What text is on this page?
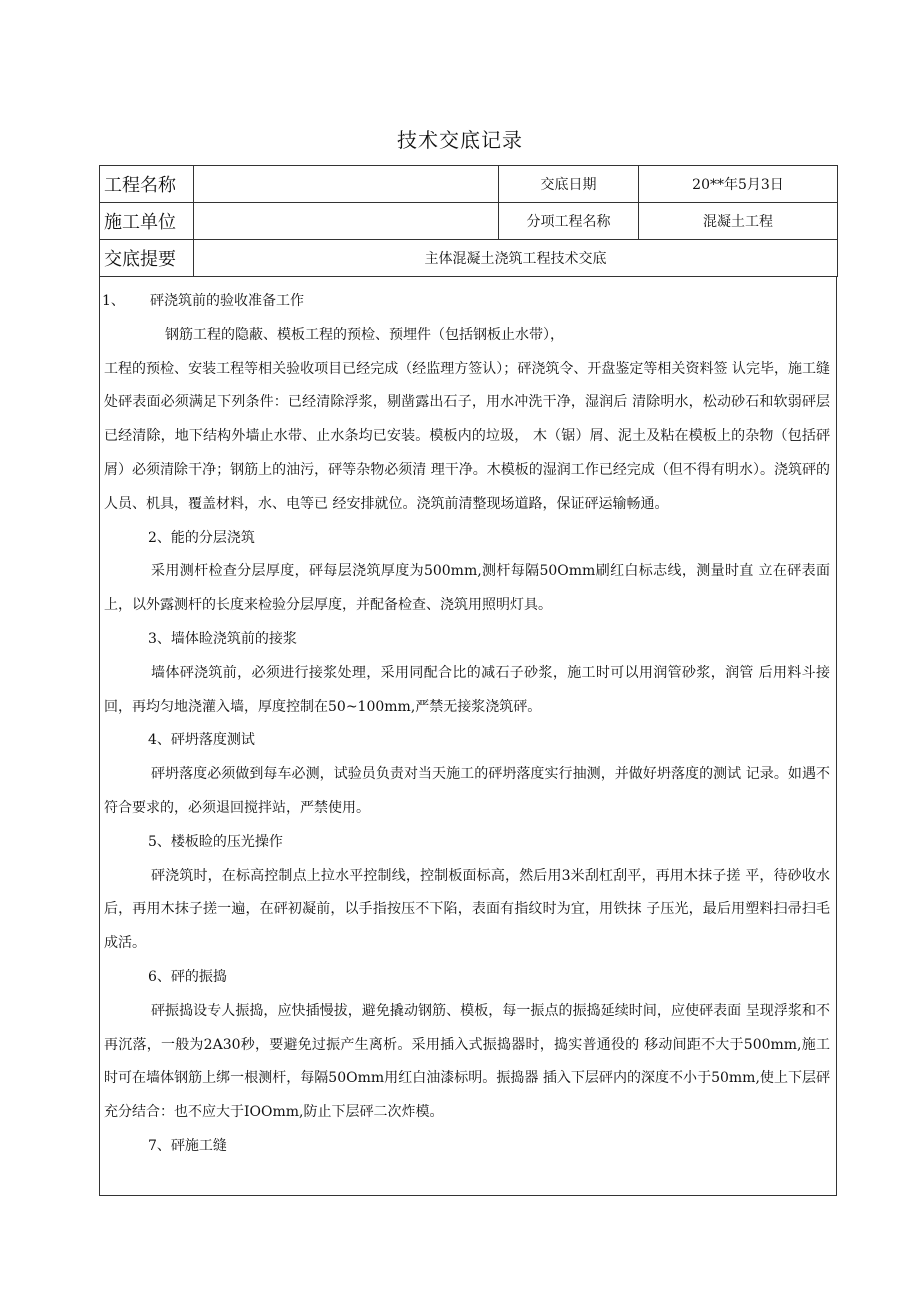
技术交底记录
工程名称		交底日期	20**年5月3日
施工单位		分项工程名称	混凝土工程
交底提要	主体混凝土浇筑工程技术交底		

1、 砰浇筑前的验收准备工作

钢筋工程的隐蔽、模板工程的预检、预埋件（包括钢板止水带），

工程的预检、安装工程等相关验收项目已经完成（经监理方签认）；砰浇筑令、开盘鉴定等相关资料签 认完毕，施工缝处砰表面必须满足下列条件：已经清除浮浆，剔凿露出石子，用水冲洗干净，湿润后 清除明水，松动砂石和软弱砰层已经清除，地下结构外墙止水带、止水条均已安装。模板内的垃圾， 木（锯）屑、泥土及粘在模板上的杂物（包括砰屑）必须清除干净；钢筋上的油污，砰等杂物必须清 理干净。木模板的湿润工作已经完成（但不得有明水）。浇筑砰的人员、机具，覆盖材料，水、电等已 经安排就位。浇筑前清整现场道路，保证砰运输畅通。

2、能的分层浇筑

采用测杆检查分层厚度，砰每层浇筑厚度为500mm,测杆每隔50Omm刷红白标志线，测量时直 立在砰表面上，以外露测杆的长度来检验分层厚度，并配备检查、浇筑用照明灯具。

3、墙体睑浇筑前的接浆

墙体砰浇筑前，必须进行接浆处理，采用同配合比的减石子砂浆，施工时可以用润管砂浆，润管 后用料斗接回，再均匀地浇灌入墙，厚度控制在50~100mm,严禁无接浆浇筑砰。

4、砰坍落度测试

砰坍落度必须做到每车必测，试验员负责对当天施工的砰坍落度实行抽测，并做好坍落度的测试 记录。如遇不符合要求的，必须退回搅拌站，严禁使用。

5、楼板睑的压光操作

砰浇筑时，在标高控制点上拉水平控制线，控制板面标高，然后用3米刮杠刮平，再用木抹子搓 平，待砂收水后，再用木抹子搓一遍，在砰初凝前，以手指按压不下陷，表面有指纹时为宜，用铁抹 子压光，最后用塑料扫帚扫毛成活。

6、砰的振捣

砰振捣设专人振捣，应快插慢拔，避免撬动钢筋、模板，每一振点的振捣延续时间，应使砰表面 呈现浮浆和不再沉落，一般为2A30秒，要避免过振产生离析。采用插入式振捣器时，捣实普通役的 移动间距不大于500mm,施工时可在墙体钢筋上绑一根测杆，每隔50Omm用红白油漆标明。振捣器 插入下层砰内的深度不小于50mm,使上下层砰充分结合：也不应大于IOOmm,防止下层砰二次炸模。

7、砰施工缝
